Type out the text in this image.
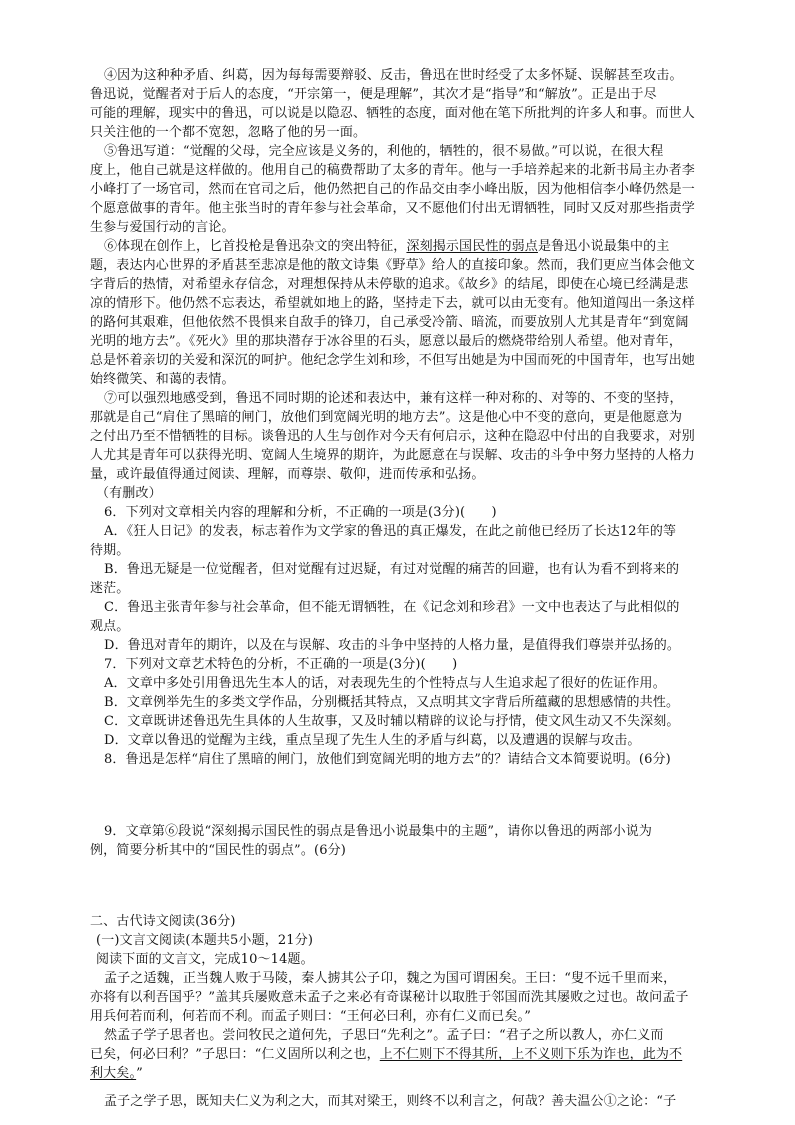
④因为这种种矛盾、纠葛，因为每每需要辩驳、反击，鲁迅在世时经受了太多怀疑、误解甚至攻击。
鲁迅说，觉醒者对于后人的态度，“开宗第一，便是理解”，其次才是“指导”和“解放”。正是出于尽
可能的理解，现实中的鲁迅，可以说是以隐忍、牺牲的态度，面对他在笔下所批判的许多人和事。而世人
只关注他的一个都不宽恕，忽略了他的另一面。
⑤鲁迅写道：“觉醒的父母，完全应该是义务的，利他的，牺牲的，很不易做。”可以说，在很大程
度上，他自己就是这样做的。他用自己的稿费帮助了太多的青年。他与一手培养起来的北新书局主办者李
小峰打了一场官司，然而在官司之后，他仍然把自己的作品交由李小峰出版，因为他相信李小峰仍然是一
个愿意做事的青年。他主张当时的青年参与社会革命，又不愿他们付出无谓牺牲，同时又反对那些指责学
生参与爱国行动的言论。
⑥体现在创作上，匕首投枪是鲁迅杂文的突出特征，深刻揭示国民性的弱点是鲁迅小说最集中的主
题，表达内心世界的矛盾甚至悲凉是他的散文诗集《野草》给人的直接印象。然而，我们更应当体会他文
字背后的热情，对希望永存信念，对理想保持从未停歇的追求。《故乡》的结尾，即使在心境已经满是悲
凉的情形下。他仍然不忘表达，希望就如地上的路，坚持走下去，就可以由无变有。他知道闯出一条这样
的路何其艰难，但他依然不畏惧来自敌手的锋刀，自己承受冷箭、暗流，而要放别人尤其是青年“到宽阔
光明的地方去”。《死火》里的那块潜存于冰谷里的石头，愿意以最后的燃烧带给别人希望。他对青年，
总是怀着亲切的关爱和深沉的呵护。他纪念学生刘和珍，不但写出她是为中国而死的中国青年，也写出她
始终微笑、和蔼的表情。
⑦可以强烈地感受到，鲁迅不同时期的论述和表达中，兼有这样一种对称的、对等的、不变的坚持，
那就是自己“肩住了黑暗的闸门，放他们到宽阔光明的地方去”。这是他心中不变的意向，更是他愿意为
之付出乃至不惜牺牲的目标。谈鲁迅的人生与创作对今天有何启示，这种在隐忍中付出的自我要求，对别
人尤其是青年可以获得光明、宽阔人生境界的期许，为此愿意在与误解、攻击的斗争中努力坚持的人格力
量，或许最值得通过阅读、理解，而尊崇、敬仰，进而传承和弘扬。
（有删改）
6．下列对文章相关内容的理解和分析，不正确的一项是(3分)(　　)
A．《狂人日记》的发表，标志着作为文学家的鲁迅的真正爆发，在此之前他已经历了长达12年的等
待期。
B．鲁迅无疑是一位觉醒者，但对觉醒有过迟疑，有过对觉醒的痛苦的回避，也有认为看不到将来的
迷茫。
C．鲁迅主张青年参与社会革命，但不能无谓牺牲，在《记念刘和珍君》一文中也表达了与此相似的
观点。
D．鲁迅对青年的期许，以及在与误解、攻击的斗争中坚持的人格力量，是值得我们尊崇并弘扬的。
7．下列对文章艺术特色的分析，不正确的一项是(3分)(　　)
A．文章中多处引用鲁迅先生本人的话，对表现先生的个性特点与人生追求起了很好的佐证作用。
B．文章例举先生的多类文学作品，分别概括其特点，又点明其文字背后所蕴藏的思想感情的共性。
C．文章既讲述鲁迅先生具体的人生故事，又及时辅以精辟的议论与抒情，使文风生动又不失深刻。
D．文章以鲁迅的觉醒为主线，重点呈现了先生人生的矛盾与纠葛，以及遭遇的误解与攻击。
8．鲁迅是怎样“肩住了黑暗的闸门，放他们到宽阔光明的地方去”的？请结合文本简要说明。(6分)
9．文章第⑥段说“深刻揭示国民性的弱点是鲁迅小说最集中的主题”，请你以鲁迅的两部小说为
例，简要分析其中的“国民性的弱点”。(6分)
二、古代诗文阅读(36分)
(一)文言文阅读(本题共5小题，21分)
阅读下面的文言文，完成10～14题。
孟子之适魏，正当魏人败于马陵，秦人掳其公子卬，魏之为国可谓困矣。王曰：“叟不远千里而来，
亦将有以利吾国乎？”盖其兵屡败意未孟子之来必有奇谋秘计以取胜于邻国而洗其屡败之过也。故问孟子
用兵何若而利，何若而不利。而孟子则曰：“王何必曰利，亦有仁义而已矣。”
然孟子学子思者也。尝问牧民之道何先，子思曰“先利之”。孟子曰：“君子之所以教人，亦仁义而
已矣，何必曰利？”子思曰：“仁义固所以利之也，上不仁则下不得其所，上不义则下乐为诈也，此为不
利大矣。”
孟子之学子思，既知夫仁义为利之大，而其对梁王，则终不以利言之，何哉？善夫温公①之论：“子
